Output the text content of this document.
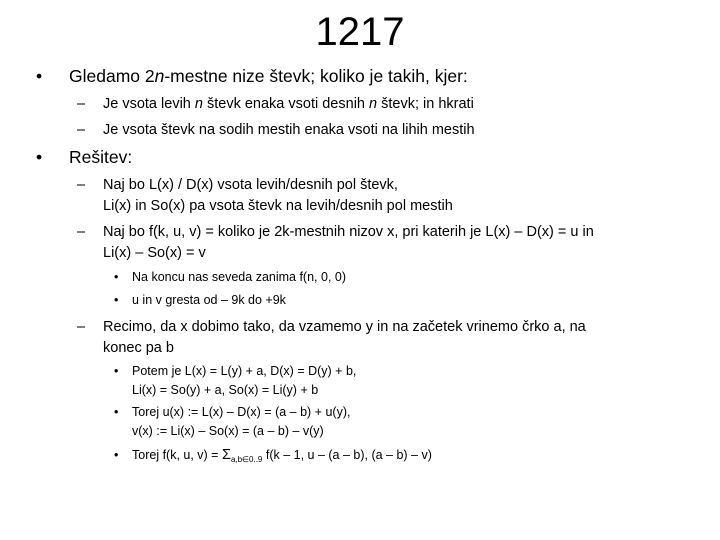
1217
• Gledamo 2n-mestne nize števk; koliko je takih, kjer:
– Je vsota levih n števk enaka vsoti desnih n števk; in hkrati
– Je vsota števk na sodih mestih enaka vsoti na lihih mestih
• Rešitev:
– Naj bo L(x) / D(x) vsota levih/desnih pol števk,
Li(x) in So(x) pa vsota števk na levih/desnih pol mestih
– Naj bo f(k, u, v) = koliko je 2k-mestnih nizov x, pri katerih je L(x) – D(x) = u in
Li(x) – So(x) = v
• Na koncu nas seveda zanima f(n, 0, 0)
• u in v gresta od – 9k do +9k
– Recimo, da x dobimo tako, da vzamemo y in na začetek vrinemo črko a, na
konec pa b
• Potem je L(x) = L(y) + a, D(x) = D(y) + b,
Li(x) = So(y) + a, So(x) = Li(y) + b
• Torej u(x) := L(x) – D(x) = (a – b) + u(y),
v(x) := Li(x) – So(x) = (a – b) – v(y)
• Torej f(k, u, $v) = \Sigma_{a,b\in 0..9}$ f(k – 1, u – (a – b), (a – b) – v)
